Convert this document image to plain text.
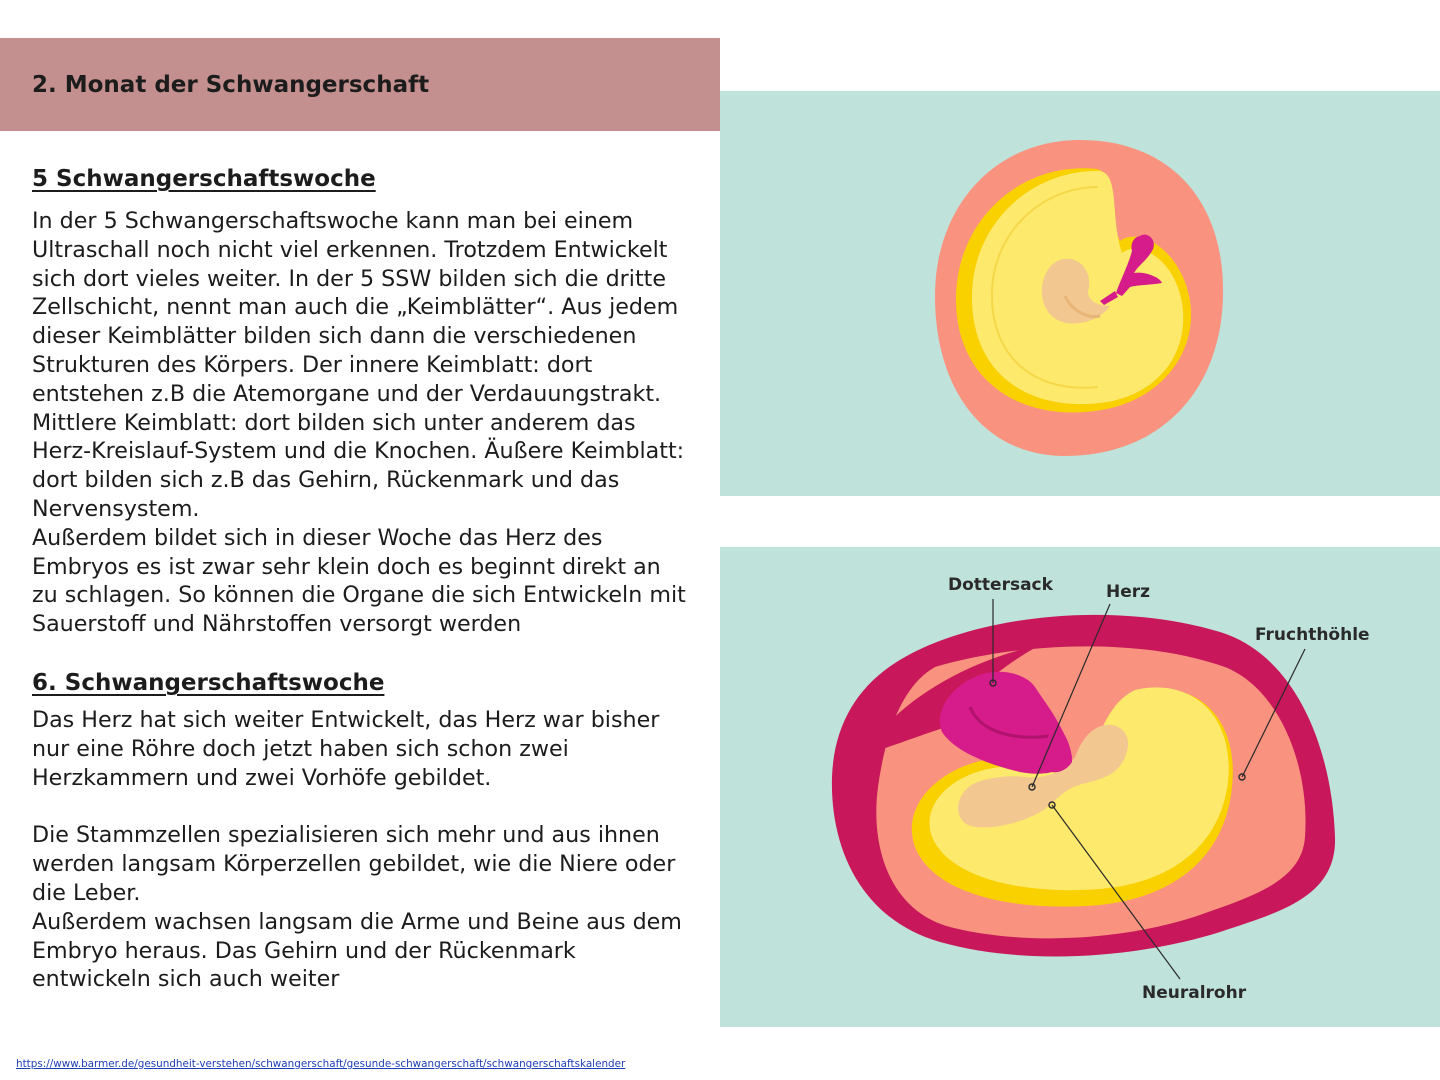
2. Monat der Schwangerschaft
5 Schwangerschaftswoche

In der 5 Schwangerschaftswoche kann man bei einem
Ultraschall noch nicht viel erkennen. Trotzdem Entwickelt
sich dort vieles weiter. In der 5 SSW bilden sich die dritte
Zellschicht, nennt man auch die „Keimblätter“. Aus jedem
dieser Keimblätter bilden sich dann die verschiedenen
Strukturen des Körpers. Der innere Keimblatt: dort
entstehen z.B die Atemorgane und der Verdauungstrakt.
Mittlere Keimblatt: dort bilden sich unter anderem das
Herz-Kreislauf-System und die Knochen. Äußere Keimblatt:
dort bilden sich z.B das Gehirn, Rückenmark und das
Nervensystem.
Außerdem bildet sich in dieser Woche das Herz des
Embryos es ist zwar sehr klein doch es beginnt direkt an
zu schlagen. So können die Organe die sich Entwickeln mit
Sauerstoff und Nährstoffen versorgt werden

6. Schwangerschaftswoche

Das Herz hat sich weiter Entwickelt, das Herz war bisher
nur eine Röhre doch jetzt haben sich schon zwei
Herzkammern und zwei Vorhöfe gebildet.

Die Stammzellen spezialisieren sich mehr und aus ihnen
werden langsam Körperzellen gebildet, wie die Niere oder
die Leber.
Außerdem wachsen langsam die Arme und Beine aus dem
Embryo heraus. Das Gehirn und der Rückenmark
entwickeln sich auch weiter

https://www.barmer.de/gesundheit-verstehen/schwangerschaft/gesunde-schwangerschaft/schwangerschaftskalender
Dottersack	Herz
Fruchthöhle
Neuralrohr
